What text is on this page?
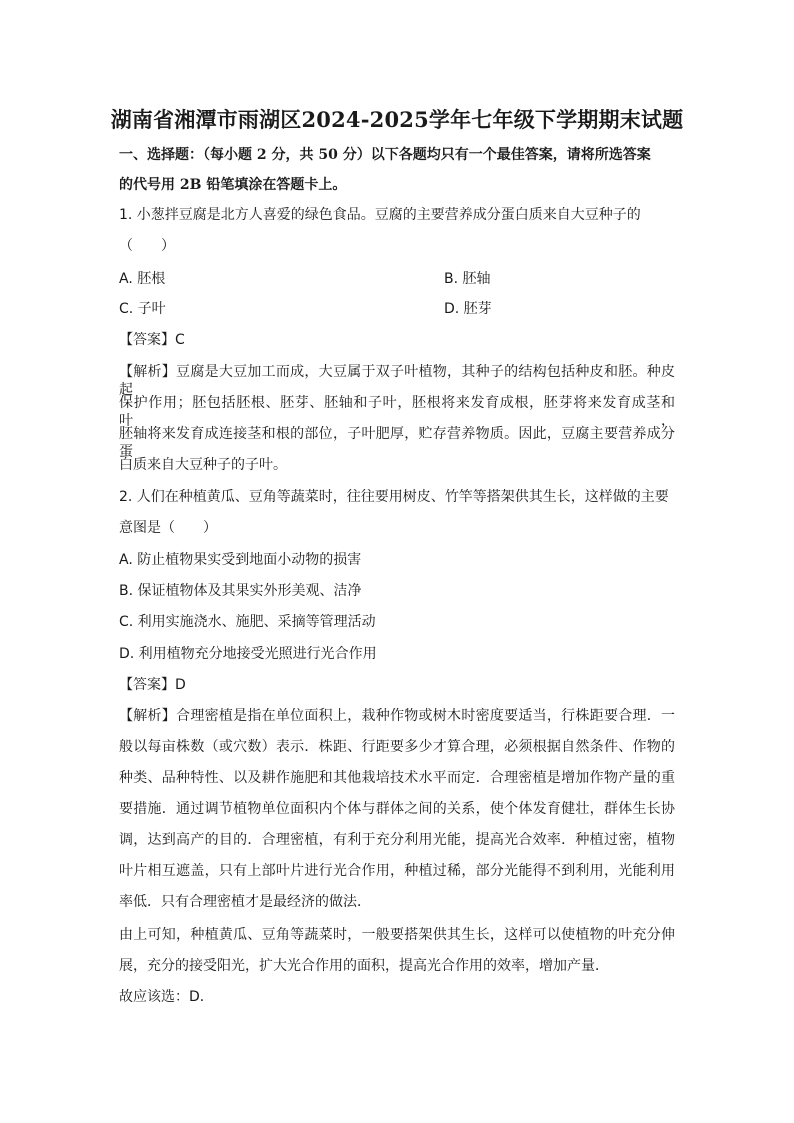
湖南省湘潭市雨湖区2024-2025学年七年级下学期期末试题
一、选择题：（每小题 2 分，共 50 分）以下各题均只有一个最佳答案，请将所选答案
的代号用 2B 铅笔填涂在答题卡上。
1. 小葱拌豆腐是北方人喜爱的绿色食品。豆腐的主要营养成分蛋白质来自大豆种子的
（　　）
A. 胚根	B. 胚轴
C. 子叶	D. 胚芽
【答案】C
【解析】豆腐是大豆加工而成，大豆属于双子叶植物，其种子的结构包括种皮和胚。种皮起
保护作用；胚包括胚根、胚芽、胚轴和子叶，胚根将来发育成根，胚芽将来发育成茎和叶，
胚轴将来发育成连接茎和根的部位，子叶肥厚，贮存营养物质。因此，豆腐主要营养成分蛋
白质来自大豆种子的子叶。
2. 人们在种植黄瓜、豆角等蔬菜时，往往要用树皮、竹竿等搭架供其生长，这样做的主要
意图是（　　）
A. 防止植物果实受到地面小动物的损害
B. 保证植物体及其果实外形美观、洁净
C. 利用实施浇水、施肥、采摘等管理活动
D. 利用植物充分地接受光照进行光合作用
【答案】D
【解析】合理密植是指在单位面积上，栽种作物或树木时密度要适当，行株距要合理．一
般以每亩株数（或穴数）表示．株距、行距要多少才算合理，必须根据自然条件、作物的
种类、品种特性、以及耕作施肥和其他栽培技术水平而定．合理密植是增加作物产量的重
要措施．通过调节植物单位面积内个体与群体之间的关系，使个体发育健壮，群体生长协
调，达到高产的目的．合理密植，有利于充分利用光能，提高光合效率．种植过密，植物
叶片相互遮盖，只有上部叶片进行光合作用，种植过稀，部分光能得不到利用，光能利用
率低．只有合理密植才是最经济的做法．
由上可知，种植黄瓜、豆角等蔬菜时，一般要搭架供其生长，这样可以使植物的叶充分伸
展，充分的接受阳光，扩大光合作用的面积，提高光合作用的效率，增加产量．
故应该选：D．
